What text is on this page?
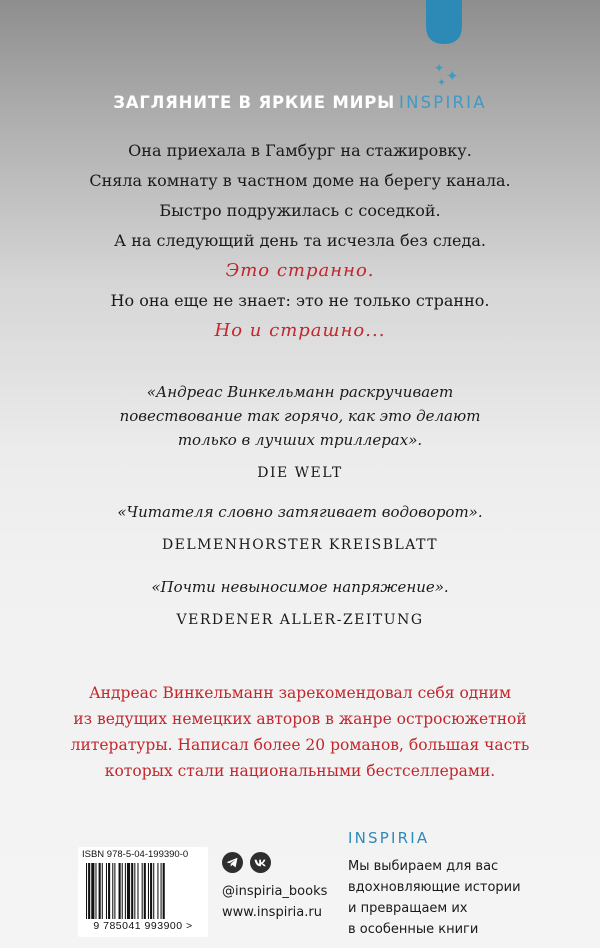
✦ ✦
✦
ЗАГЛЯНИТЕ В ЯРКИЕ МИРЫ INSPIRIA
Она приехала в Гамбург на стажировку.
Сняла комнату в частном доме на берегу канала.
Быстро подружилась с соседкой.
А на следующий день та исчезла без следа.
Это странно.
Но она еще не знает: это не только странно.
Но и страшно...
«Андреас Винкельманн раскручивает
повествование так горячо, как это делают
только в лучших триллерах».
DIE WELT
«Читателя словно затягивает водоворот».
DELMENHORSTER KREISBLATT
«Почти невыносимое напряжение».
VERDENER ALLER-ZEITUNG
Андреас Винкельманн зарекомендовал себя одним
из ведущих немецких авторов в жанре остросюжетной
литературы. Написал более 20 романов, большая часть
которых стали национальными бестселлерами.
ISBN 978-5-04-199390-0
9 785041 993900 >
@inspiria_books
www.inspiria.ru
INSPIRIA
Мы выбираем для вас
вдохновляющие истории
и превращаем их
в особенные книги
